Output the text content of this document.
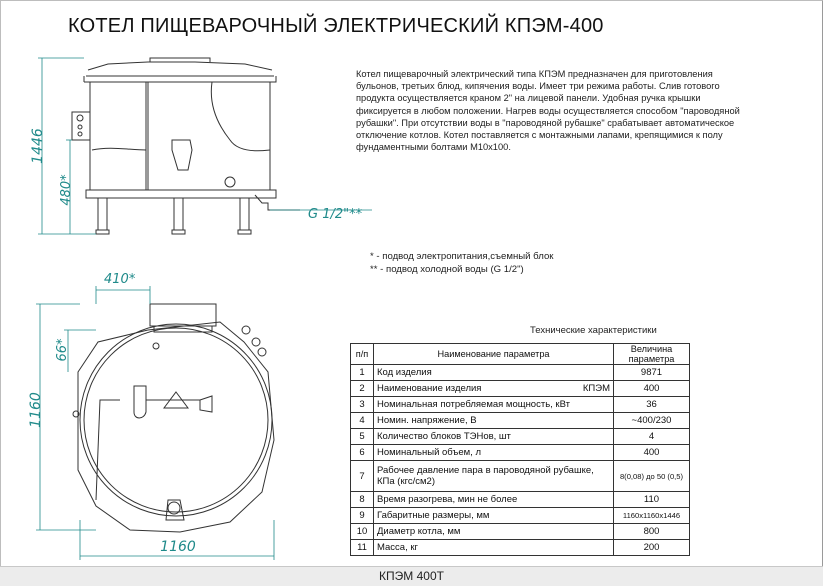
КОТЕЛ ПИЩЕВАРОЧНЫЙ ЭЛЕКТРИЧЕСКИЙ КПЭМ-400
1446
480*
G 1/2"**
410*
1160
66*
1160
Котел пищеварочный электрический типа КПЭМ предназначен для приготовления бульонов, третьих блюд, кипячения воды. Имеет три режима работы. Слив готового продукта осуществляется краном 2" на лицевой панели. Удобная ручка крышки фиксируется в любом положении. Нагрев воды осуществляется способом "пароводяной рубашки". При отсутствии воды в "пароводяной рубашке" срабатывает автоматическое отключение котлов. Котел поставляется с монтажными лапами, крепящимися к полу фундаментными болтами М10х100.
* - подвод электропитания,съемный блок
** - подвод холодной воды (G 1/2")
Технические характеристики
п/п	Наименование параметра	Величина параметра
1	Код изделия	9871
2	Наименование изделия КПЭМ	400
3	Номинальная потребляемая мощность, кВт	36
4	Номин. напряжение, В	~400/230
5	Количество блоков ТЭНов, шт	4
6	Номинальный объем, л	400
7	Рабочее давление пара в пароводяной рубашке, КПа (кгс/см2)	8(0,08) до 50 (0,5)
8	Время разогрева, мин не более	110
9	Габаритные размеры, мм	1160х1160х1446
10	Диаметр котла, мм	800
11	Масса, кг	200
КПЭМ 400Т
